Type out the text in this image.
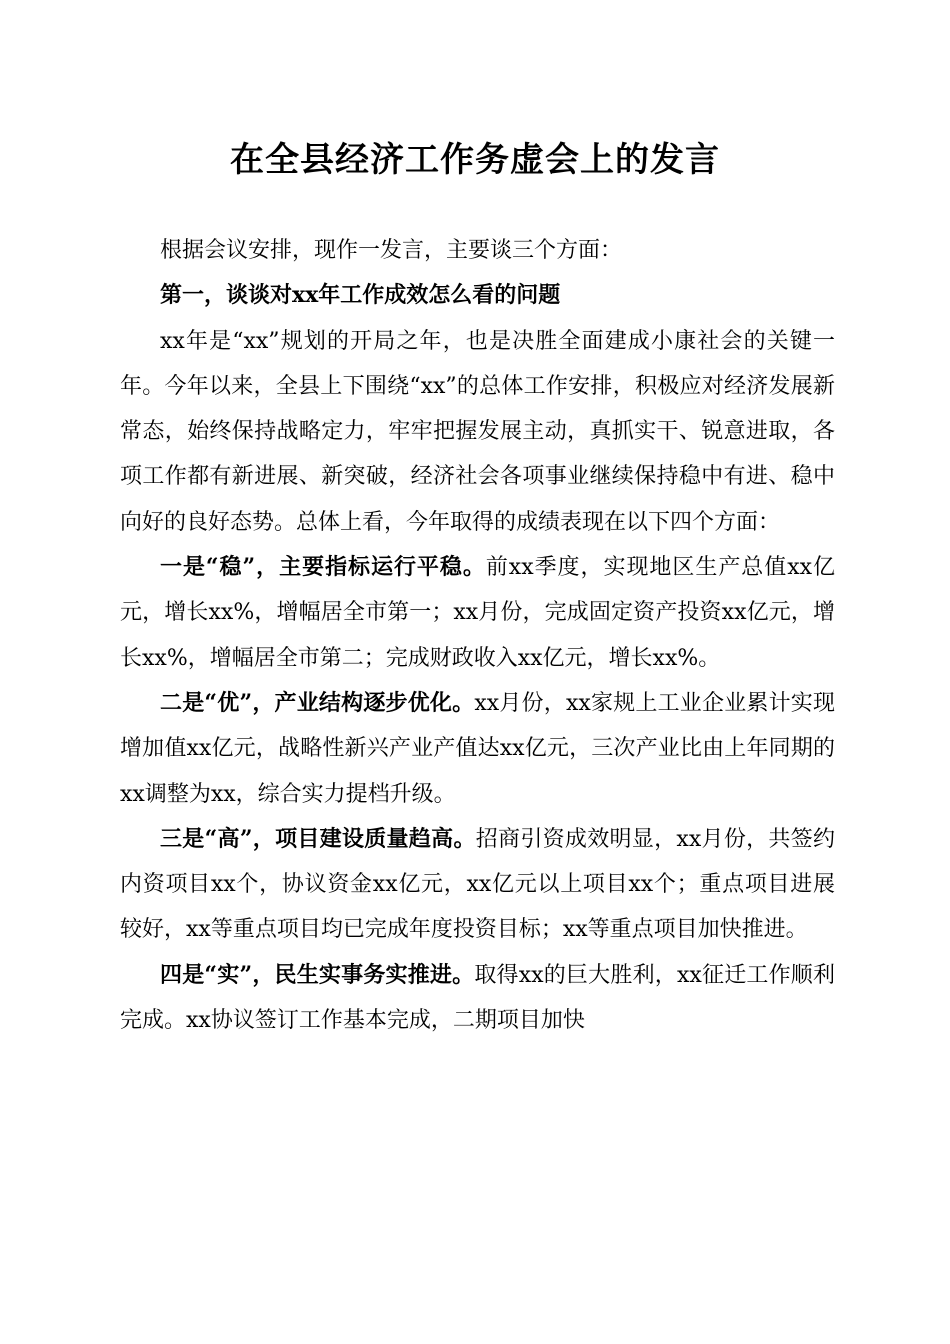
在全县经济工作务虚会上的发言

根据会议安排，现作一发言，主要谈三个方面：

第一，谈谈对xx年工作成效怎么看的问题

xx年是“xx”规划的开局之年，也是决胜全面建成小康社会的关键一年。今年以来，全县上下围绕“xx”的总体工作安排，积极应对经济发展新常态，始终保持战略定力，牢牢把握发展主动，真抓实干、锐意进取，各项工作都有新进展、新突破，经济社会各项事业继续保持稳中有进、稳中向好的良好态势。总体上看，今年取得的成绩表现在以下四个方面：

一是“稳”，主要指标运行平稳。前xx季度，实现地区生产总值xx亿元，增长xx%，增幅居全市第一；xx月份，完成固定资产投资xx亿元，增长xx%，增幅居全市第二；完成财政收入xx亿元，增长xx%。

二是“优”，产业结构逐步优化。xx月份，xx家规上工业企业累计实现增加值xx亿元，战略性新兴产业产值达xx亿元，三次产业比由上年同期的xx调整为xx，综合实力提档升级。

三是“高”，项目建设质量趋高。招商引资成效明显，xx月份，共签约内资项目xx个，协议资金xx亿元，xx亿元以上项目xx个；重点项目进展较好，xx等重点项目均已完成年度投资目标；xx等重点项目加快推进。

四是“实”，民生实事务实推进。取得xx的巨大胜利，xx征迁工作顺利完成。xx协议签订工作基本完成，二期项目加快
